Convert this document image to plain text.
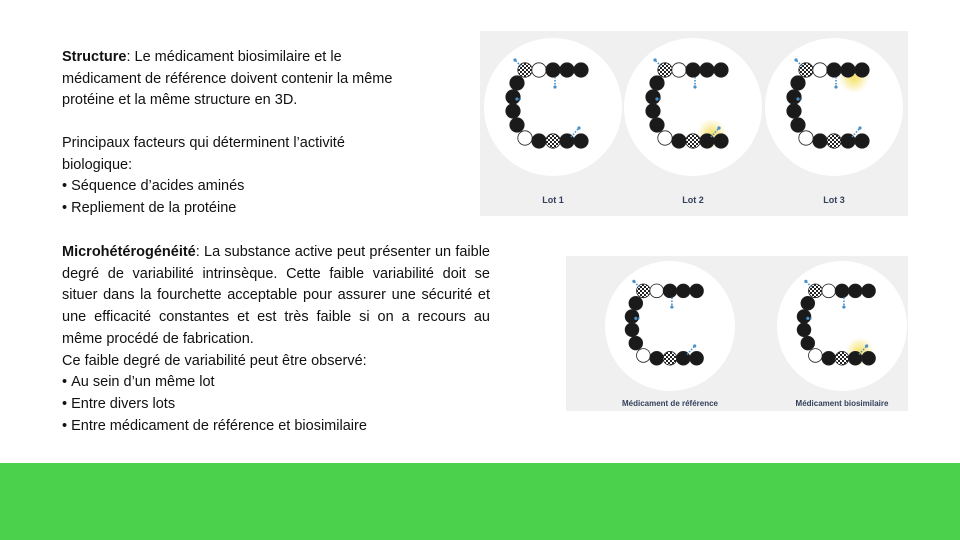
Structure: Le médicament biosimilaire et le médicament de référence doivent contenir la même protéine et la même structure en 3D.

Principaux facteurs qui déterminent l’activité biologique:

• Séquence d’acides aminés

• Repliement de la protéine

Microhétérogénéité: La substance active peut présenter un faible degré de variabilité intrinsèque. Cette faible variabilité doit se situer dans la fourchette acceptable pour assurer une sécurité et une efficacité constantes et est très faible si on a recours au même procédé de fabrication.

Ce faible degré de variabilité peut être observé:

• Au sein d’un même lot

• Entre divers lots

• Entre médicament de référence et biosimilaire

Lot 1	Lot 2	Lot 3
Médicament de référence	Médicament biosimilaire
